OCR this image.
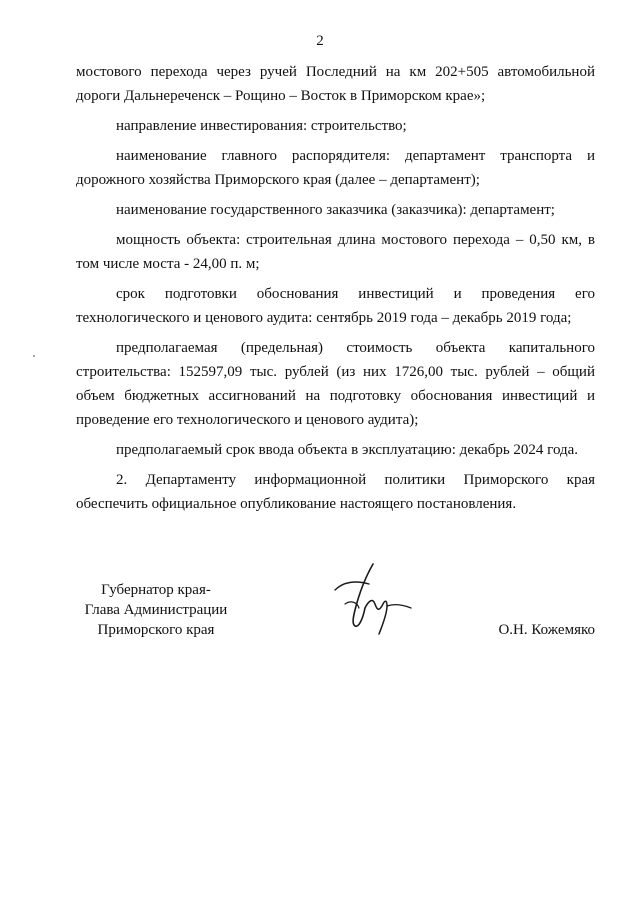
2

мостового перехода через ручей Последний на км 202+505 автомобильной дороги Дальнереченск – Рощино – Восток в Приморском крае»;

направление инвестирования: строительство;

наименование главного распорядителя: департамент транспорта и дорожного хозяйства Приморского края (далее – департамент);

наименование государственного заказчика (заказчика): департамент;

мощность объекта: строительная длина мостового перехода – 0,50 км, в том числе моста - 24,00 п. м;

срок подготовки обоснования инвестиций и проведения его технологического и ценового аудита: сентябрь 2019 года – декабрь 2019 года;

предполагаемая (предельная) стоимость объекта капитального строительства: 152597,09 тыс. рублей (из них 1726,00 тыс. рублей – общий объем бюджетных ассигнований на подготовку обоснования инвестиций и проведение его технологического и ценового аудита);

предполагаемый срок ввода объекта в эксплуатацию: декабрь 2024 года.

2. Департаменту информационной политики Приморского края обеспечить официальное опубликование настоящего постановления.

Губернатор края-
Глава Администрации
Приморского края	О.Н. Кожемяко
